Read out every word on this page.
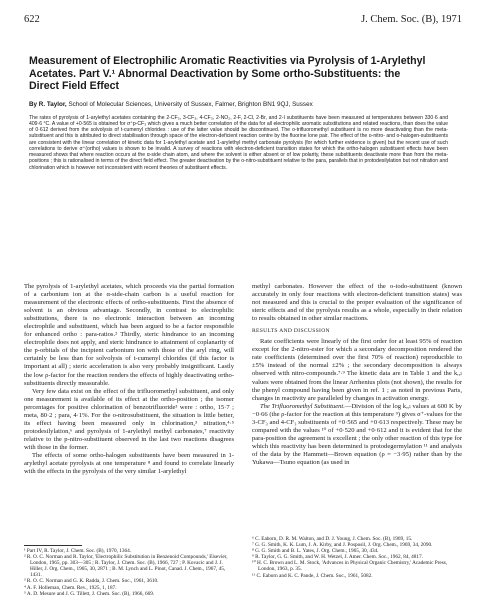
622	J. Chem. Soc. (B), 1971
Measurement of Electrophilic Aromatic Reactivities via Pyrolysis of 1-Arylethyl Acetates. Part V.¹ Abnormal Deactivation by Some ortho-Substituents: the Direct Field Effect
By R. Taylor, School of Molecular Sciences, University of Sussex, Falmer, Brighton BN1 9QJ, Sussex
The rates of pyrolysis of 1-arylethyl acetates containing the 2-CF₃, 3-CF₃, 4-CF₃, 2-NO₂, 2-F, 2-Cl, 2-Br, and 2-I substituents have been measured at temperatures between 330·6 and 409·6 °C. A value of +0·565 is obtained for σ⁺p-CF₃ which gives a much better correlation of the data for all electrophilic aromatic substitutions and related reactions, than does the value of 0·612 derived from the solvolysis of t-cumenyl chlorides : use of the latter value should be discontinued. The o-trifluoromethyl substituent is no more deactivating than the meta-substituent and this is attributed to direct stabilisation through space of the electron-deficient reaction centre by the fluorine lone pair. The effect of the o-nitro- and o-halogen-substituents are consistent with the linear correlation of kinetic data for 1-arylethyl acetate and 1-arylethyl methyl carbonate pyrolysis (for which further evidence is given) but the recent use of such correlations to derive σ⁺(ortho) values is shown to be invalid. A survey of reactions with electron-deficient transition states for which the ortho-halogen substituent effects have been measured shows that where reaction occurs at the α-side chain atom, and where the solvent is either absent or of low polarity, these substituents deactivate more than from the meta-positions ; this is rationalised in terms of the direct field effect. The greater deactivation by the o-nitro-substituent relative to the para, parallels that in protodesilylation but not nitration and chlorination which is however not inconsistent with recent theories of substituent effects.

The pyrolysis of 1-arylethyl acetates, which proceeds via the partial formation of a carbonium ion at the α-side-chain carbon is a useful reaction for measurement of the electronic effects of ortho-substituents. First the absence of solvent is an obvious advantage. Secondly, in contrast to electrophilic substitutions, there is no electronic interaction between an incoming electrophile and substituent, which has been argued to be a factor responsible for enhanced ortho : para-ratios.² Thirdly, steric hindrance to an incoming electrophile does not apply, and steric hindrance to attainment of coplanarity of the p-orbitals of the incipient carbonium ion with those of the aryl ring, will certainly be less than for solvolysis of t-cumenyl chlorides (if this factor is important at all) ; steric acceleration is also very probably insignificant. Lastly the low ρ-factor for the reaction renders the effects of highly deactivating ortho-substituents directly measurable.

Very few data exist on the effect of the trifluoromethyl substituent, and only one measurement is available of its effect at the ortho-position ; the isomer percentages for positive chlorination of benzotrifluoride³ were : ortho, 15·7 ; meta, 80·2 ; para, 4·1%. For the o-nitrosubstituent, the situation is little better, its effect having been measured only in chlorination,³ nitration,⁴·⁵ protodesilylation,⁶ and pyrolysis of 1-arylethyl methyl carbonates,⁷ reactivity relative to the p-nitro-substituent observed in the last two reactions disagrees with those in the former.

The effects of some ortho-halogen substituents have been measured in 1-arylethyl acetate pyrolysis at one temperature ⁸ and found to correlate linearly with the effects in the pyrolysis of the very similar 1-arylethyl

methyl carbonates. However the effect of the o-iodo-substituent (known accurately in only four reactions with electron-deficient transition states) was not measured and this is crucial to the proper evaluation of the significance of steric effects and of the pyrolysis results as a whole, especially in their relation to results obtained in other similar reactions.

RESULTS AND DISCUSSION

Rate coefficients were linearly of the first order for at least 95% of reaction except for the 2-nitro-ester for which a secondary decomposition rendered the rate coefficients (determined over the first 70% of reaction) reproducible to ±5% instead of the normal ±2% ; the secondary decomposition is always observed with nitro-compounds.⁷·⁹ The kinetic data are in Table 1 and the kᵣₑₗ values were obtained from the linear Arrhenius plots (not shown), the results for the phenyl compound having been given in ref. 1 ; as noted in previous Parts, changes in reactivity are paralleled by changes in activation energy.

The Trifluoromethyl Substituent.—Division of the log kᵣₑₗ values at 600 K by −0·66 (the ρ-factor for the reaction at this temperature ⁹) gives σ⁺-values for the 3-CF₃ and 4-CF₃ substituents of +0·565 and +0·613 respectively. These may be compared with the values ¹⁰ of +0·520 and +0·612 and it is evident that for the para-position the agreement is excellent ; the only other reaction of this type for which this reactivity has been determined is protodegermylation ¹¹ and analysis of the data by the Hammett—Brown equation (ρ = −3·95) rather than by the Yukawa—Tsuno equation (as used in

¹ Part IV, R. Taylor, J. Chem. Soc. (B), 1970, 1364.
² R. O. C. Norman and R. Taylor, 'Electrophilic Substitution in Benzenoid Compounds,' Elsevier, London, 1965, pp. 303—305 ; R. Taylor, J. Chem. Soc. (B), 1966, 727 ; P. Kovacic and J. J. Hiller, J. Org. Chem., 1965, 30, 2871 ; B. M. Lynch and L. Pinot, Canad. J. Chem., 1967, 45, 1431.
³ R. O. C. Norman and G. K. Radda, J. Chem. Soc., 1961, 3610.
⁴ A. F. Holleman, Chem. Rev., 1925, 1, 187.
⁵ A. D. Mesure and J. G. Tillett, J. Chem. Soc. (B), 1966, 669.
⁶ C. Eaborn, D. R. M. Walton, and D. J. Young, J. Chem. Soc. (B), 1969, 15.
⁷ G. G. Smith, K. K. Lum, J. A. Kirby, and J. Posposil, J. Org. Chem., 1969, 34, 2090.
⁸ G. G. Smith and B. L. Yates, J. Org. Chem., 1965, 30, 434.
⁹ R. Taylor, G. G. Smith, and W. H. Wetzel, J. Amer. Chem. Soc., 1962, 84, 4817.
¹⁰ H. C. Brown and L. M. Stock, 'Advances in Physical Organic Chemistry,' Academic Press, London, 1963, p. 35.
¹¹ C. Eaborn and K. C. Pande, J. Chem. Soc., 1961, 5082.
